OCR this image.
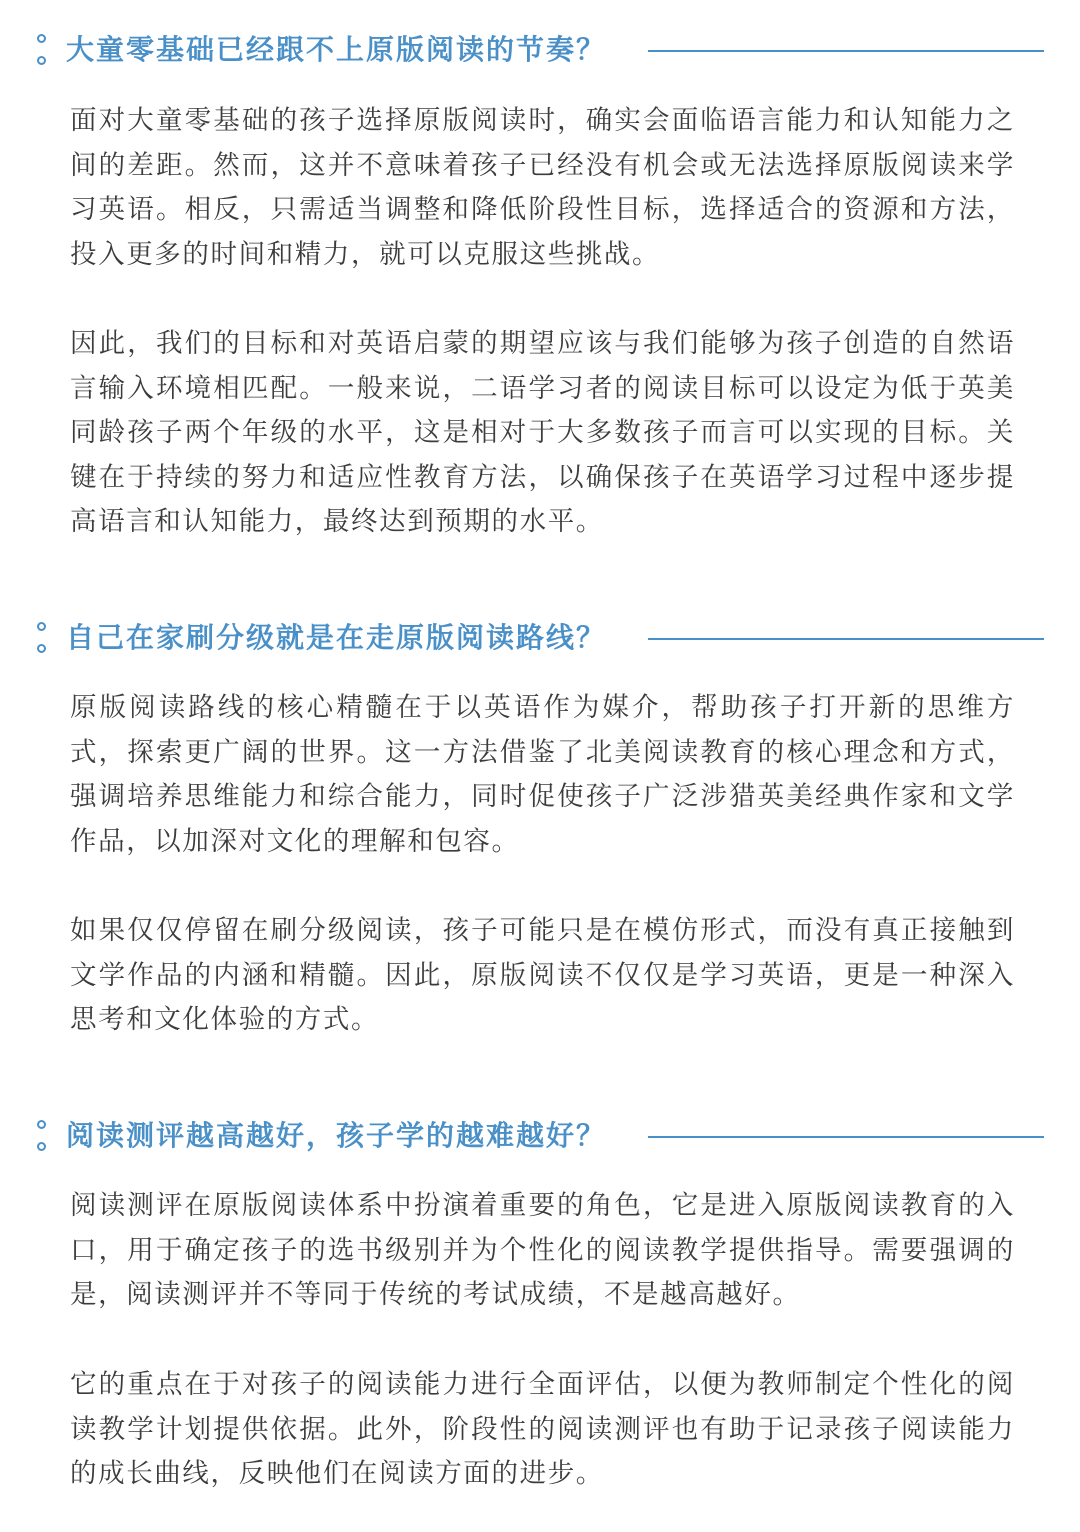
大童零基础已经跟不上原版阅读的节奏？

面对大童零基础的孩子选择原版阅读时，确实会面临语言能力和认知能力之间的差距。然而，这并不意味着孩子已经没有机会或无法选择原版阅读来学习英语。相反，只需适当调整和降低阶段性目标，选择适合的资源和方法，投入更多的时间和精力，就可以克服这些挑战。

因此，我们的目标和对英语启蒙的期望应该与我们能够为孩子创造的自然语言输入环境相匹配。一般来说，二语学习者的阅读目标可以设定为低于英美同龄孩子两个年级的水平，这是相对于大多数孩子而言可以实现的目标。关键在于持续的努力和适应性教育方法，以确保孩子在英语学习过程中逐步提高语言和认知能力，最终达到预期的水平。

自己在家刷分级就是在走原版阅读路线？

原版阅读路线的核心精髓在于以英语作为媒介，帮助孩子打开新的思维方式，探索更广阔的世界。这一方法借鉴了北美阅读教育的核心理念和方式，强调培养思维能力和综合能力，同时促使孩子广泛涉猎英美经典作家和文学作品，以加深对文化的理解和包容。

如果仅仅停留在刷分级阅读，孩子可能只是在模仿形式，而没有真正接触到文学作品的内涵和精髓。因此，原版阅读不仅仅是学习英语，更是一种深入思考和文化体验的方式。

阅读测评越高越好，孩子学的越难越好？

阅读测评在原版阅读体系中扮演着重要的角色，它是进入原版阅读教育的入口，用于确定孩子的选书级别并为个性化的阅读教学提供指导。需要强调的是，阅读测评并不等同于传统的考试成绩，不是越高越好。

它的重点在于对孩子的阅读能力进行全面评估，以便为教师制定个性化的阅读教学计划提供依据。此外，阶段性的阅读测评也有助于记录孩子阅读能力的成长曲线，反映他们在阅读方面的进步。
